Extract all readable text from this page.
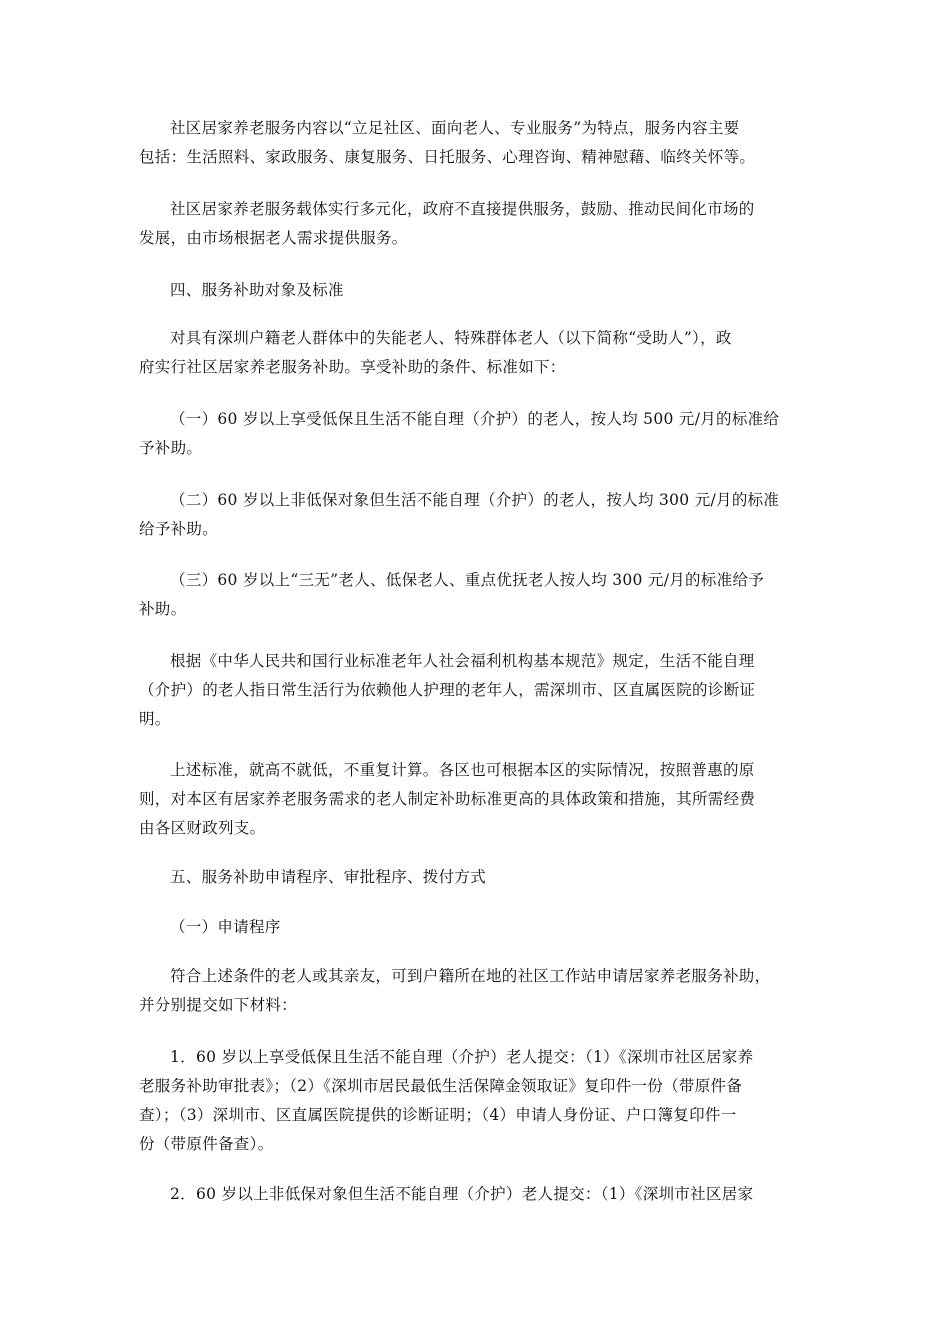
社区居家养老服务内容以“立足社区、面向老人、专业服务”为特点，服务内容主要
包括：生活照料、家政服务、康复服务、日托服务、心理咨询、精神慰藉、临终关怀等。
社区居家养老服务载体实行多元化，政府不直接提供服务，鼓励、推动民间化市场的
发展，由市场根据老人需求提供服务。
四、服务补助对象及标准
对具有深圳户籍老人群体中的失能老人、特殊群体老人（以下简称“受助人”），政
府实行社区居家养老服务补助。享受补助的条件、标准如下：
（一）60 岁以上享受低保且生活不能自理（介护）的老人，按人均 500 元/月的标准给
予补助。
（二）60 岁以上非低保对象但生活不能自理（介护）的老人，按人均 300 元/月的标准
给予补助。
（三）60 岁以上“三无”老人、低保老人、重点优抚老人按人均 300 元/月的标准给予
补助。
根据《中华人民共和国行业标准老年人社会福利机构基本规范》规定，生活不能自理
（介护）的老人指日常生活行为依赖他人护理的老年人，需深圳市、区直属医院的诊断证
明。
上述标准，就高不就低，不重复计算。各区也可根据本区的实际情况，按照普惠的原
则，对本区有居家养老服务需求的老人制定补助标准更高的具体政策和措施，其所需经费
由各区财政列支。
五、服务补助申请程序、审批程序、拨付方式
（一）申请程序
符合上述条件的老人或其亲友，可到户籍所在地的社区工作站申请居家养老服务补助，
并分别提交如下材料：
1．60 岁以上享受低保且生活不能自理（介护）老人提交：（1）《深圳市社区居家养
老服务补助审批表》；（2）《深圳市居民最低生活保障金领取证》复印件一份（带原件备
查）；（3）深圳市、区直属医院提供的诊断证明；（4）申请人身份证、户口簿复印件一
份（带原件备查）。
2．60 岁以上非低保对象但生活不能自理（介护）老人提交：（1）《深圳市社区居家
